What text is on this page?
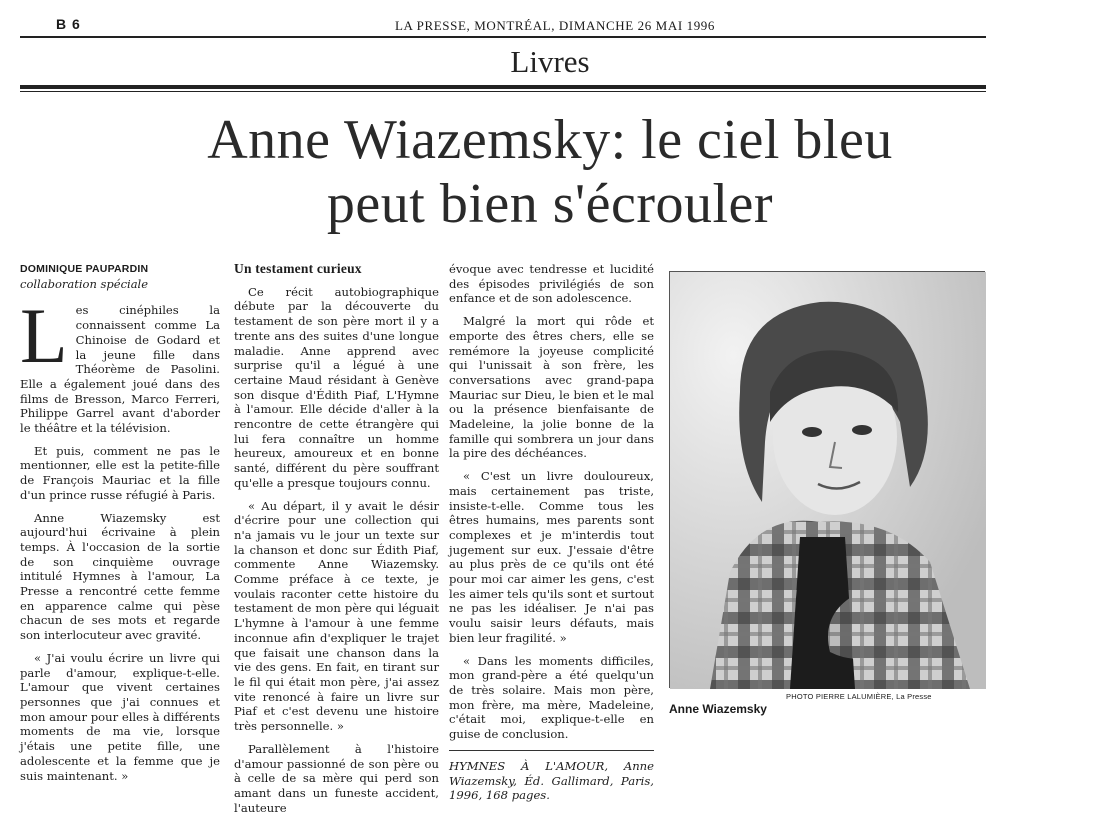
B 6	LA PRESSE, MONTRÉAL, DIMANCHE 26 MAI 1996
Livres
Anne Wiazemsky: le ciel bleu
peut bien s'écrouler
DOMINIQUE PAUPARDIN
collaboration spéciale

Les cinéphiles la connaissent comme La Chinoise de Godard et la jeune fille dans Théorème de Pasolini. Elle a également joué dans des films de Bresson, Marco Ferreri, Philippe Garrel avant d'aborder le théâtre et la télévision.

Et puis, comment ne pas le mentionner, elle est la petite-fille de François Mauriac et la fille d'un prince russe réfugié à Paris.

Anne Wiazemsky est aujourd'hui écrivaine à plein temps. À l'occasion de la sortie de son cinquième ouvrage intitulé Hymnes à l'amour, La Presse a rencontré cette femme en apparence calme qui pèse chacun de ses mots et regarde son interlocuteur avec gravité.

« J'ai voulu écrire un livre qui parle d'amour, explique-t-elle. L'amour que vivent certaines personnes que j'ai connues et mon amour pour elles à différents moments de ma vie, lorsque j'étais une petite fille, une adolescente et la femme que je suis maintenant. »

Un testament curieux

Ce récit autobiographique débute par la découverte du testament de son père mort il y a trente ans des suites d'une longue maladie. Anne apprend avec surprise qu'il a légué à une certaine Maud résidant à Genève son disque d'Édith Piaf, L'Hymne à l'amour. Elle décide d'aller à la rencontre de cette étrangère qui lui fera connaître un homme heureux, amoureux et en bonne santé, différent du père souffrant qu'elle a presque toujours connu.

« Au départ, il y avait le désir d'écrire pour une collection qui n'a jamais vu le jour un texte sur la chanson et donc sur Édith Piaf, commente Anne Wiazemsky. Comme préface à ce texte, je voulais raconter cette histoire du testament de mon père qui léguait L'hymne à l'amour à une femme inconnue afin d'expliquer le trajet que faisait une chanson dans la vie des gens. En fait, en tirant sur le fil qui était mon père, j'ai assez vite renoncé à faire un livre sur Piaf et c'est devenu une histoire très personnelle. »

Parallèlement à l'histoire d'amour passionné de son père ou à celle de sa mère qui perd son amant dans un funeste accident, l'auteure

évoque avec tendresse et lucidité des épisodes privilégiés de son enfance et de son adolescence.

Malgré la mort qui rôde et emporte des êtres chers, elle se remémore la joyeuse complicité qui l'unissait à son frère, les conversations avec grand-papa Mauriac sur Dieu, le bien et le mal ou la présence bienfaisante de Madeleine, la jolie bonne de la famille qui sombrera un jour dans la pire des déchéances.

« C'est un livre douloureux, mais certainement pas triste, insiste-t-elle. Comme tous les êtres humains, mes parents sont complexes et je m'interdis tout jugement sur eux. J'essaie d'être au plus près de ce qu'ils ont été pour moi car aimer les gens, c'est les aimer tels qu'ils sont et surtout ne pas les idéaliser. Je n'ai pas voulu saisir leurs défauts, mais bien leur fragilité. »

« Dans les moments difficiles, mon grand-père a été quelqu'un de très solaire. Mais mon père, mon frère, ma mère, Madeleine, c'était moi, explique-t-elle en guise de conclusion.

HYMNES À L'AMOUR, Anne Wiazemsky, Éd. Gallimard, Paris, 1996, 168 pages.

PHOTO PIERRE LALUMIÈRE, La Presse
Anne Wiazemsky
